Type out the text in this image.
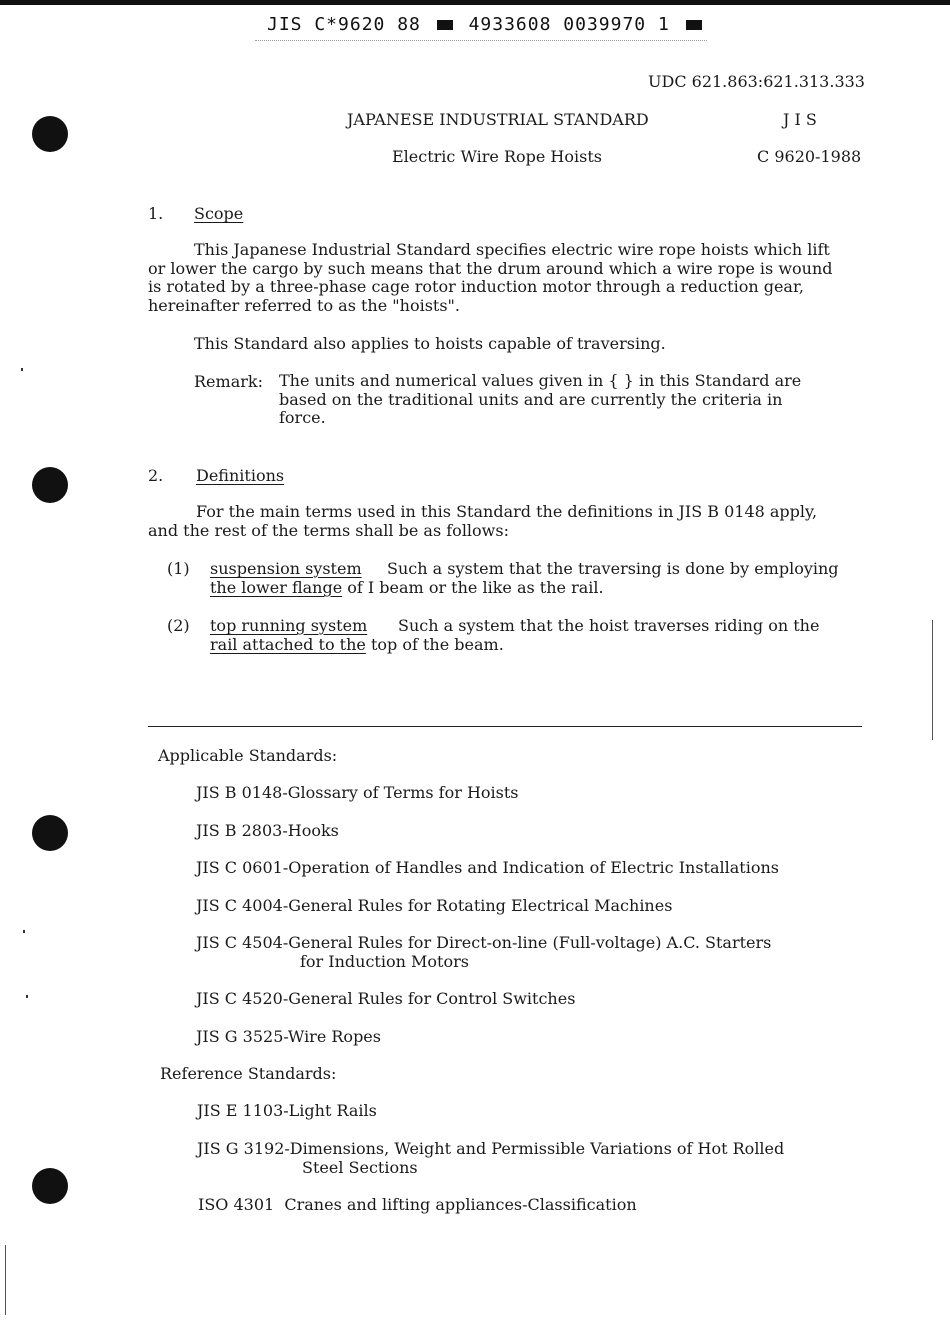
JIS C*9620 88	4933608 0039970 1
UDC 621.863:621.313.333
JAPANESE INDUSTRIAL STANDARD	J I S
Electric Wire Rope Hoists	C 9620-1988
1. Scope
This Japanese Industrial Standard specifies electric wire rope hoists which lift
or lower the cargo by such means that the drum around which a wire rope is wound
is rotated by a three-phase cage rotor induction motor through a reduction gear,
hereinafter referred to as the "hoists".
This Standard also applies to hoists capable of traversing.
Remark: The units and numerical values given in { } in this Standard are
based on the traditional units and are currently the criteria in
force.
2. Definitions
For the main terms used in this Standard the definitions in JIS B 0148 apply,
and the rest of the terms shall be as follows:
(1) suspension system Such a system that the traversing is done by employing
the lower flange of I beam or the like as the rail.
(2) top running system Such a system that the hoist traverses riding on the
rail attached to the top of the beam.
Applicable Standards:
JIS B 0148-Glossary of Terms for Hoists
JIS B 2803-Hooks
JIS C 0601-Operation of Handles and Indication of Electric Installations
JIS C 4004-General Rules for Rotating Electrical Machines
JIS C 4504-General Rules for Direct-on-line (Full-voltage) A.C. Starters
for Induction Motors
JIS C 4520-General Rules for Control Switches
JIS G 3525-Wire Ropes
Reference Standards:
JIS E 1103-Light Rails
JIS G 3192-Dimensions, Weight and Permissible Variations of Hot Rolled
Steel Sections
ISO 4301  Cranes and lifting appliances-Classification
